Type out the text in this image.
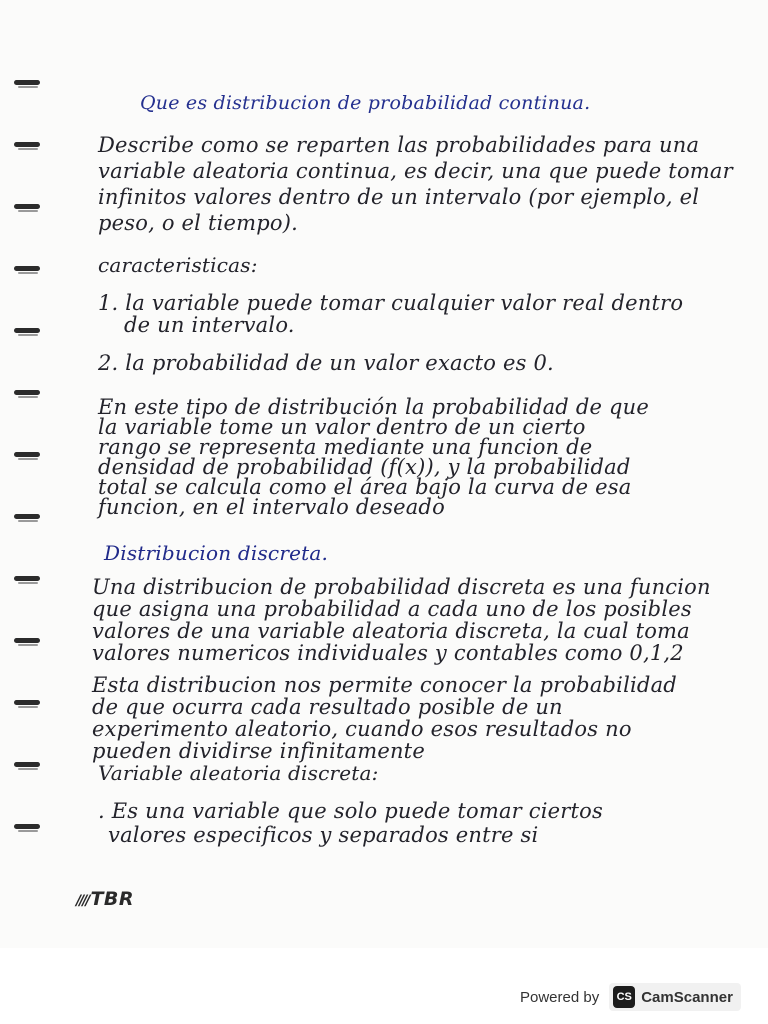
Que es distribucion de probabilidad continua.

Describe como se reparten las probabilidades para una

variable aleatoria continua, es decir, una que puede tomar

infinitos valores dentro de un intervalo (por ejemplo, el

peso, o el tiempo).

caracteristicas:

1. la variable puede tomar cualquier valor real dentro

de un intervalo.

2. la probabilidad de un valor exacto es 0.

En este tipo de distribución la probabilidad de que

la variable tome un valor dentro de un cierto

rango se representa mediante una funcion de

densidad de probabilidad (f(x)), y la probabilidad

total se calcula como el área bajo la curva de esa

funcion, en el intervalo deseado

Distribucion discreta.

Una distribucion de probabilidad discreta es una funcion

que asigna una probabilidad a cada uno de los posibles

valores de una variable aleatoria discreta, la cual toma

valores numericos individuales y contables como 0,1,2

Esta distribucion nos permite conocer la probabilidad

de que ocurra cada resultado posible de un

experimento aleatorio, cuando esos resultados no

pueden dividirse infinitamente

Variable aleatoria discreta:

. Es una variable que solo puede tomar ciertos

valores especificos y separados entre si

//// TBR
Powered by	CS CamScanner
